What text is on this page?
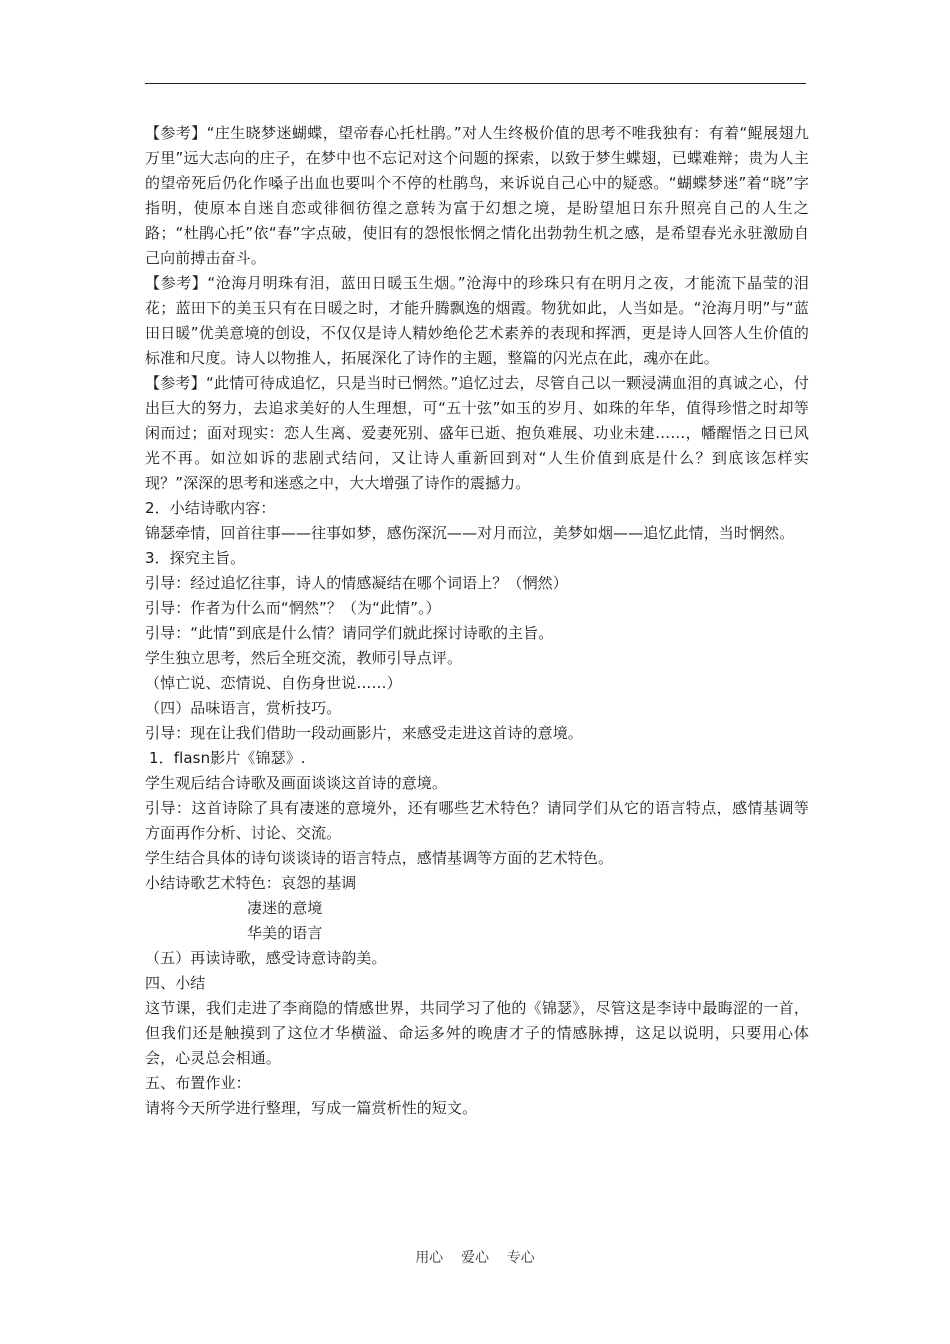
【参考】“庄生晓梦迷蝴蝶，望帝春心托杜鹃。”对人生终极价值的思考不唯我独有：有着“鲲展翅九万里”远大志向的庄子，在梦中也不忘记对这个问题的探索，以致于梦生蝶翅，已蝶难辩；贵为人主的望帝死后仍化作嗓子出血也要叫个不停的杜鹃鸟，来诉说自己心中的疑惑。“蝴蝶梦迷”着“晓”字指明，使原本自迷自恋或徘徊彷徨之意转为富于幻想之境，是盼望旭日东升照亮自己的人生之路；“杜鹃心托”依“春”字点破，使旧有的怨恨怅惘之情化出勃勃生机之感，是希望春光永驻激励自己向前搏击奋斗。

【参考】“沧海月明珠有泪，蓝田日暖玉生烟。”沧海中的珍珠只有在明月之夜，才能流下晶莹的泪花；蓝田下的美玉只有在日暖之时，才能升腾飘逸的烟霞。物犹如此，人当如是。“沧海月明”与“蓝田日暖”优美意境的创设，不仅仅是诗人精妙绝伦艺术素养的表现和挥洒，更是诗人回答人生价值的标准和尺度。诗人以物推人，拓展深化了诗作的主题，整篇的闪光点在此，魂亦在此。

【参考】“此情可待成追忆，只是当时已惘然。”追忆过去，尽管自己以一颗浸满血泪的真诚之心，付出巨大的努力，去追求美好的人生理想，可“五十弦”如玉的岁月、如珠的年华，值得珍惜之时却等闲而过；面对现实：恋人生离、爱妻死别、盛年已逝、抱负难展、功业未建……，幡醒悟之日已风光不再。如泣如诉的悲剧式结问，又让诗人重新回到对“人生价值到底是什么？到底该怎样实现？”深深的思考和迷惑之中，大大增强了诗作的震撼力。

2．小结诗歌内容：

锦瑟牵情，回首往事——往事如梦，感伤深沉——对月而泣，美梦如烟——追忆此情，当时惘然。

3．探究主旨。

引导：经过追忆往事，诗人的情感凝结在哪个词语上？（惘然）

引导：作者为什么而“惘然”？（为“此情”。）

引导：“此情”到底是什么情？请同学们就此探讨诗歌的主旨。

学生独立思考，然后全班交流，教师引导点评。

（悼亡说、恋情说、自伤身世说……）

（四）品味语言，赏析技巧。

引导：现在让我们借助一段动画影片，来感受走进这首诗的意境。

1．flasn影片《锦瑟》.

学生观后结合诗歌及画面谈谈这首诗的意境。

引导：这首诗除了具有凄迷的意境外，还有哪些艺术特色？请同学们从它的语言特点，感情基调等方面再作分析、讨论、交流。

学生结合具体的诗句谈谈诗的语言特点，感情基调等方面的艺术特色。

小结诗歌艺术特色：哀怨的基调

凄迷的意境

华美的语言

（五）再读诗歌，感受诗意诗韵美。

四、小结

这节课，我们走进了李商隐的情感世界，共同学习了他的《锦瑟》，尽管这是李诗中最晦涩的一首，但我们还是触摸到了这位才华横溢、命运多舛的晚唐才子的情感脉搏，这足以说明，只要用心体会，心灵总会相通。

五、布置作业：

请将今天所学进行整理，写成一篇赏析性的短文。

用心    爱心    专心
